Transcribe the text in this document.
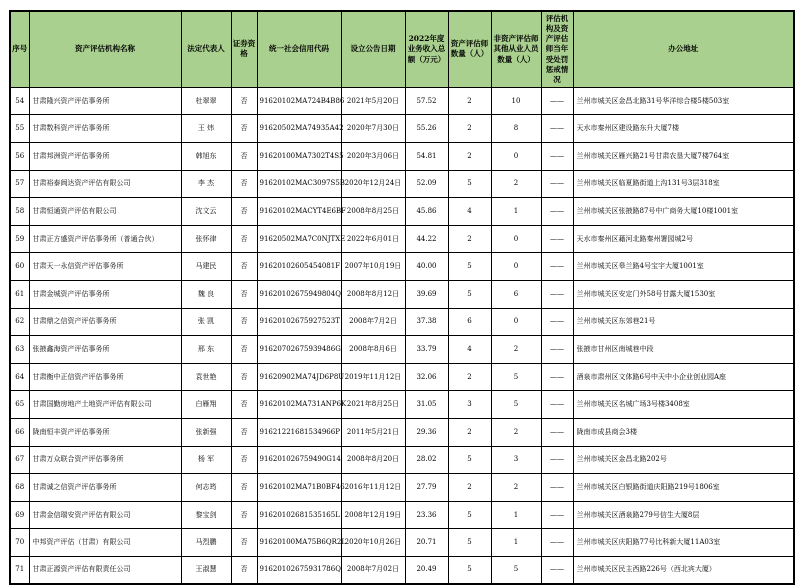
序号	资产评估机构名称	法定代表人	证券资格	统一社会信用代码	设立公告日期	2022年度业务收入总额（万元）	资产评估师数量（人）	非资产评估师其他从业人员数量（人）	评估机构及资产评估师当年受处罚惩戒情况	办公地址
54	甘肃隆兴资产评估事务所	杜翠翠	否	91620102MA724B4B86	2021年5月20日	57.52	2	10	——	兰州市城关区金昌北路31号华洋综合楼5楼503室
55	甘肃数科资产评估事务所	王 炜	否	91620502MA74935A42	2020年7月30日	55.26	2	8	——	天水市秦州区建设路东升大厦7楼
56	甘肃邦洲资产评估事务所	韩旭东	否	91620100MA7302T4S5	2020年3月06日	54.81	2	0	——	兰州市城关区雁兴路21号甘肃农垦大厦7楼764室
57	甘肃裕泰阆达资产评估有限公司	李 杰	否	91620102MAC3097S5B	2020年12月24日	52.09	5	2	——	兰州市城关区临夏路街道上沟131号3层318室
58	甘肃恒通资产评估有限公司	沈文云	否	91620102MACYT4E6BF	2008年8月25日	45.86	4	1	——	兰州市城关区张掖路87号中广商务大厦10楼1001室
59	甘肃正方盛资产评估事务所（普通合伙）	张怀律	否	91620502MA7C0NJTXE	2022年6月01日	44.22	2	0	——	天水市秦州区藉河北路秦州署园城2号
60	甘肃天一永信资产评估事务所	马建民	否	91620102605454081F	2007年10月19日	40.00	5	0	——	兰州市城关区皋兰路4号宝宇大厦1001室
61	甘肃金城资产评估事务所	魏 良	否	91620102675949804Q	2008年8月12日	39.69	5	6	——	兰州市城关区安定门外58号甘露大厦1530室
62	甘肃鼎之信资产评估事务所	张 凯	否	91620102675927523T	2008年7月2日	37.38	6	0	——	兰州市城关区东郊巷21号
63	张掖鑫海资产评估事务所	邢 东	否	91620702675939486G	2008年8月6日	33.79	4	2	——	张掖市甘州区南城巷中段
64	甘肃衡中正信资产评估事务所	袁世艳	否	91620902MA74JD6P8U	2019年11月12日	32.06	2	5	——	酒泉市肃州区文体路6号中天中小企业创业园A座
65	甘肃国勤房地产土地资产评估有限公司	白雁翔	否	91620102MA731ANP6K	2021年8月25日	31.05	3	5	——	兰州市城关区名城广场3号楼3408室
66	陇南恒丰资产评估事务所	张新强	否	91621221681534966P	2011年5月21日	29.36	2	2	——	陇南市成县商会3楼
67	甘肃万众联合资产评估事务所	杨 军	否	916201026759490G14	2008年8月20日	28.02	5	3	——	兰州市城关区金昌北路202号
68	甘肃诚之信资产评估事务所	何志筠	否	91620102MA71B0BF46	2016年11月12日	27.79	2	2	——	兰州市城关区白银路街道庆阳路219号1806室
69	甘肃金信瑞安资产评估有限公司	黎宝剑	否	91620102681535165L	2008年12月19日	23.36	5	1	——	兰州市城关区酒泉路279号信生大厦8层
70	中邦资产评估（甘肃）有限公司	马烈鹏	否	91620100MA75B6QR2L	2020年10月26日	20.71	5	1	——	兰州市城关区庆阳路77号比科新大厦11A03室
71	甘肃正源资产评估有限责任公司	王淑慧	否	91620102675931786Q	2008年7月02日	20.49	5	5	——	兰州市城关区民主西路226号（西北宾大厦）
